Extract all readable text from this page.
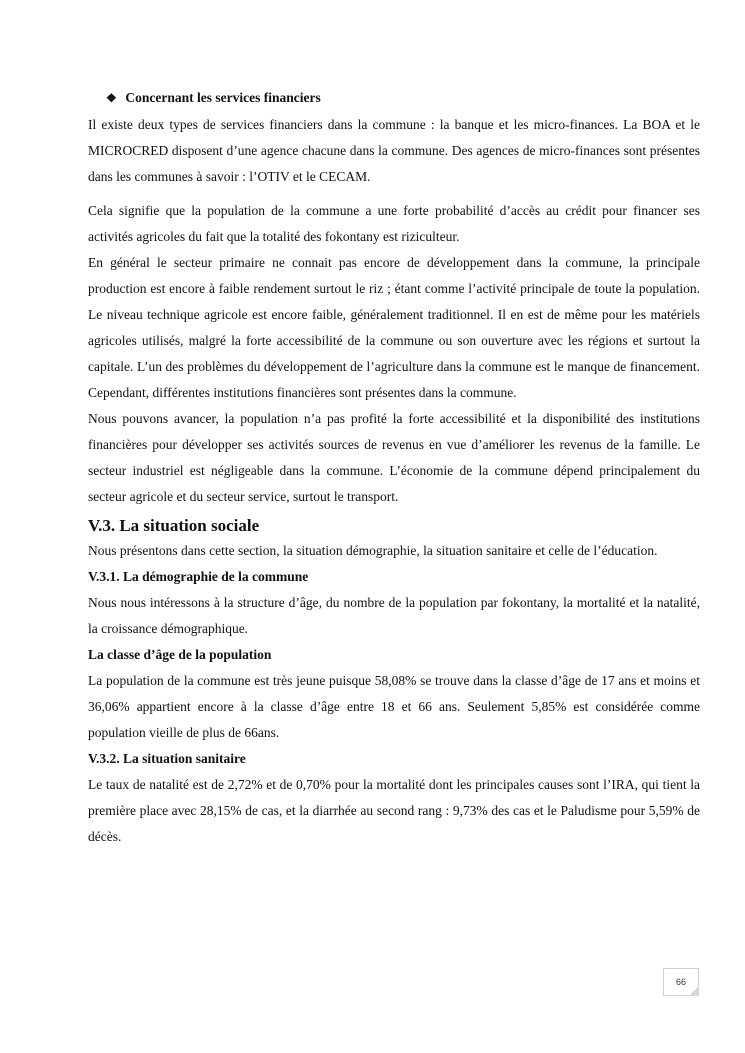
❖ Concernant les services financiers

Il existe deux types de services financiers dans la commune : la banque et les micro-finances. La BOA et le MICROCRED disposent d’une agence chacune dans la commune. Des agences de micro-finances sont présentes dans les communes à savoir : l’OTIV et le CECAM.

Cela signifie que la population de la commune a une forte probabilité d’accès au crédit pour financer ses activités agricoles du fait que la totalité des fokontany est riziculteur.

En général le secteur primaire ne connait pas encore de développement dans la commune, la principale production est encore à faible rendement surtout le riz ; étant comme l’activité principale de toute la population. Le niveau technique agricole est encore faible, généralement traditionnel. Il en est de même pour les matériels agricoles utilisés, malgré la forte accessibilité de la commune ou son ouverture avec les régions et surtout la capitale. L’un des problèmes du développement de l’agriculture dans la commune est le manque de financement. Cependant, différentes institutions financières sont présentes dans la commune.

Nous pouvons avancer, la population n’a pas profité la forte accessibilité et la disponibilité des institutions financières pour développer ses activités sources de revenus en vue d’améliorer les revenus de la famille. Le secteur industriel est négligeable dans la commune. L’économie de la commune dépend principalement du secteur agricole et du secteur service, surtout le transport.

V.3. La situation sociale

Nous présentons dans cette section, la situation démographie, la situation sanitaire et celle de l’éducation.

V.3.1. La démographie de la commune

Nous nous intéressons à la structure d’âge, du nombre de la population par fokontany, la mortalité et la natalité, la croissance démographique.

La classe d’âge de la population

La population de la commune est très jeune puisque 58,08% se trouve dans la classe d’âge de 17 ans et moins et 36,06% appartient encore à la classe d’âge entre 18 et 66 ans. Seulement 5,85% est considérée comme population vieille de plus de 66ans.

V.3.2. La situation sanitaire

Le taux de natalité est de 2,72% et de 0,70% pour la mortalité dont les principales causes sont l’IRA, qui tient la première place avec 28,15% de cas, et la diarrhée au second rang : 9,73% des cas et le Paludisme pour 5,59% de décès.

66
